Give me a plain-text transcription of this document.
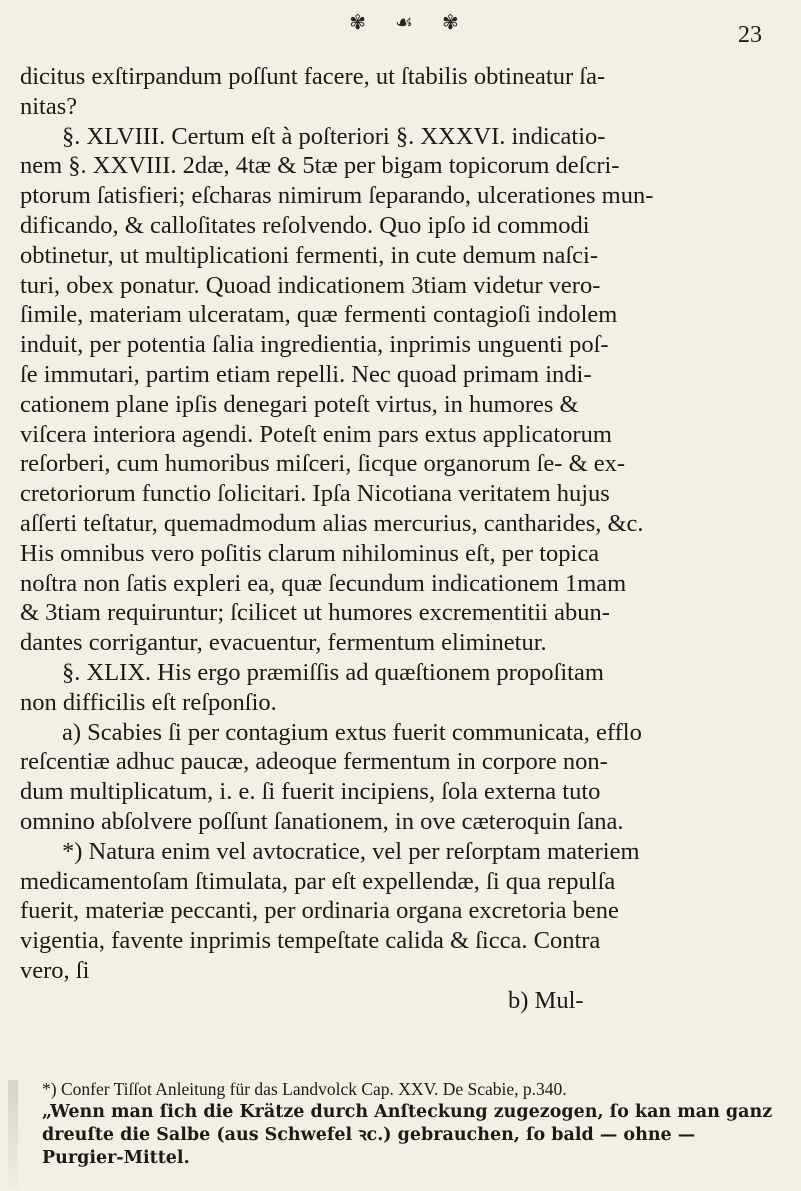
✾ ☙ ✾	23
dicitus exſtirpandum poſſunt facere, ut ſtabilis obtineatur ſa-
nitas?
§. XLVIII. Certum eſt à poſteriori §. XXXVI. indicatio-
nem §. XXVIII. 2dæ, 4tæ & 5tæ per bigam topicorum deſcri-
ptorum ſatisfieri; eſcharas nimirum ſeparando, ulcerationes mun-
dificando, & calloſitates reſolvendo. Quo ipſo id commodi
obtinetur, ut multiplicationi fermenti, in cute demum naſci-
turi, obex ponatur. Quoad indicationem 3tiam videtur vero-
ſimile, materiam ulceratam, quæ fermenti contagioſi indolem
induit, per potentia ſalia ingredientia, inprimis unguenti poſ-
ſe immutari, partim etiam repelli. Nec quoad primam indi-
cationem plane ipſis denegari poteſt virtus, in humores &
viſcera interiora agendi. Poteſt enim pars extus applicatorum
reſorberi, cum humoribus miſceri, ſicque organorum ſe- & ex-
cretoriorum functio ſolicitari. Ipſa Nicotiana veritatem hujus
aſſerti teſtatur, quemadmodum alias mercurius, cantharides, &c.
His omnibus vero poſitis clarum nihilominus eſt, per topica
noſtra non ſatis expleri ea, quæ ſecundum indicationem 1mam
& 3tiam requiruntur; ſcilicet ut humores excrementitii abun-
dantes corrigantur, evacuentur, fermentum eliminetur.
§. XLIX. His ergo præmiſſis ad quæſtionem propoſitam
non difficilis eſt reſponſio.
a) Scabies ſi per contagium extus fuerit communicata, efflo
reſcentiæ adhuc paucæ, adeoque fermentum in corpore non-
dum multiplicatum, i. e. ſi fuerit incipiens, ſola externa tuto
omnino abſolvere poſſunt ſanationem, in ove cæteroquin ſana.
*) Natura enim vel avtocratice, vel per reſorptam materiem
medicamentoſam ſtimulata, par eſt expellendæ, ſi qua repulſa
fuerit, materiæ peccanti, per ordinaria organa excretoria bene
vigentia, favente inprimis tempeſtate calida & ſicca. Contra
vero, ſi
b) Mul-
*) Confer Tiſſot Anleitung für das Landvolck Cap. XXV. De Scabie, p.340.
„Wenn man ſich die Krätze durch Anſteckung zugezogen, ſo kan man ganz
dreuſte die Salbe (aus Schwefel ꝛc.) gebrauchen, ſo bald — ohne —
Purgier-Mittel.
